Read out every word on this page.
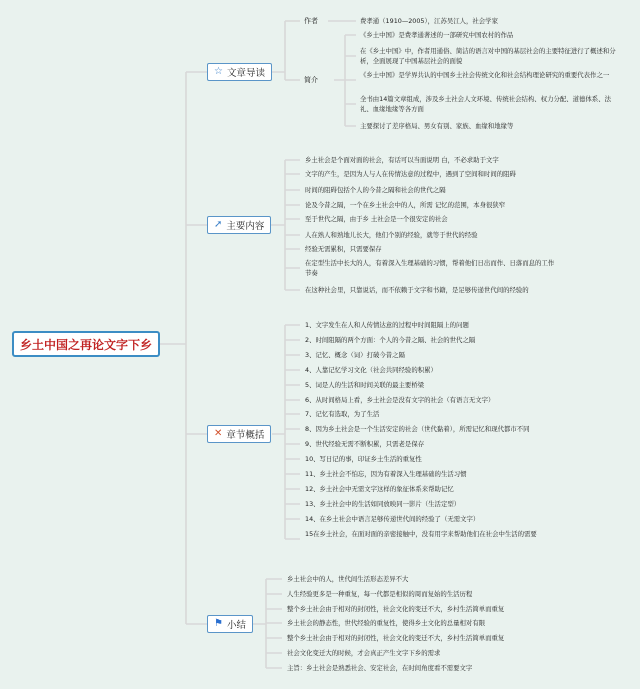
乡土中国之再论文字下乡
☆ 文章导读
➚ 主要内容
✕ 章节概括
⚑ 小结
作者	费孝通（1910—2005），江苏吴江人，社会学家
简介
《乡土中国》是费孝通著述的一部研究中国农村的作品
在《乡土中国》中，作者用通俗、简洁的语言对中国的基层社会的主要特征进行了概述和分析，全面展现了中国基层社会的面貌
《乡土中国》是学界共认的中国乡土社会传统文化和社会结构理论研究的重要代表作之一
全书由14篇文章组成，涉及乡土社会人文环境、传统社会结构、权力分配、道德体系、法礼、血缘地缘等各方面
主要探讨了差序格局、男女有别、家族、血缘和地缘等
乡土社会是个面对面的社会，有话可以当面说明 白，不必求助于文字
文字的产生，是因为人与人在传情达意的过程中，遇到了空间和时间的阻碍
时间的阻碍包括个人的今昔之隔和社会的世代之隔
论及今昔之隔，一个在乡土社会中的人，所需 记忆的范围，本身很狭窄
至于世代之隔，由于乡 土社会是一个很安定的社会
人在熟人和熟地儿长大，他们个别的经验，就等于世代的经验
经验无需累积，只需要保存
在定型生活中长大的人，有着深入生理基础的习惯，帮着他们日出而作、日落而息的工作节奏
在这种社会里，只靠说话，而不依赖于文字和书籍，是足够传递世代间的经验的
1、文字发生在人和人传情达意的过程中时间阻隔上的问题
2、时间阻隔的两个方面：个人的今昔之隔、社会的世代之隔
3、记忆、概念（词）打破今昔之隔
4、人靠记忆学习文化（社会共同经验的积累）
5、词是人的生活和时间关联的最主要桥梁
6、从时间格局上看，乡土社会是没有文字的社会（有语言无文字）
7、记忆有选取，为了生活
8、因为乡土社会是一个生活安定的社会（世代黏着），所需记忆和现代都市不同
9、世代经验无需不断积累，只需老是保存
10、写日记的事，印证乡土生活的重复性
11、乡土社会不怕忘，因为有着深入生理基础的生活习惯
12、乡土社会中无需文字这样的象征体系来帮助记忆
13、乡土社会中的生活如同放映同一影片（生活定型）
14、在乡土社会中语言足够传递世代间的经验了（无需文字）
15在乡土社会，在面对面的亲密接触中，没有用字来帮助他们在社会中生活的需要
乡土社会中的人，世代间生活形态差异不大
人生经验更多是一种重复，每一代都是相似的周而复始的生活历程
整个乡土社会由于相对的封闭性，社会文化的变迁不大，乡村生活简单而重复
乡土社会的静态性，世代经验的重复性，使得乡土文化的总量相对有限
整个乡土社会由于相对的封闭性，社会文化的变迁不大，乡村生活简单而重复
社会文化变迁大的时候，才会真正产生文字下乡的需求
主旨：乡土社会是熟悉社会、安定社会，在时间角度看不需要文字
